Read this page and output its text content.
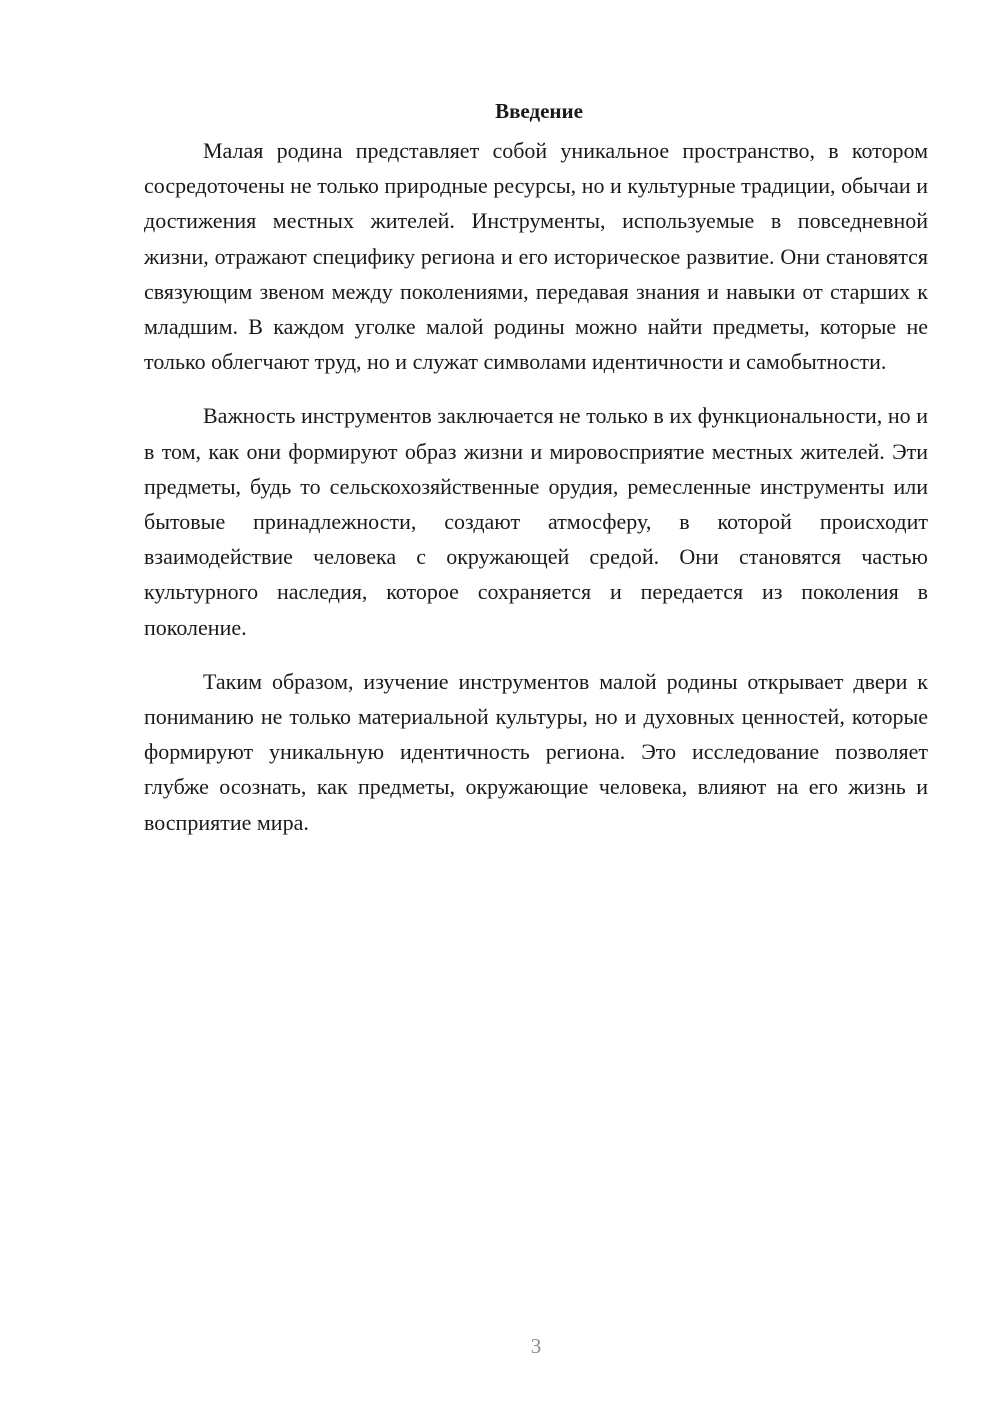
Введение

Малая родина представляет собой уникальное пространство, в котором сосредоточены не только природные ресурсы, но и культурные традиции, обычаи и достижения местных жителей. Инструменты, используемые в повседневной жизни, отражают специфику региона и его историческое развитие. Они становятся связующим звеном между поколениями, передавая знания и навыки от старших к младшим. В каждом уголке малой родины можно найти предметы, которые не только облегчают труд, но и служат символами идентичности и самобытности.

Важность инструментов заключается не только в их функциональности, но и в том, как они формируют образ жизни и мировосприятие местных жителей. Эти предметы, будь то сельскохозяйственные орудия, ремесленные инструменты или бытовые принадлежности, создают атмосферу, в которой происходит взаимодействие человека с окружающей средой. Они становятся частью культурного наследия, которое сохраняется и передается из поколения в поколение.

Таким образом, изучение инструментов малой родины открывает двери к пониманию не только материальной культуры, но и духовных ценностей, которые формируют уникальную идентичность региона. Это исследование позволяет глубже осознать, как предметы, окружающие человека, влияют на его жизнь и восприятие мира.

3
